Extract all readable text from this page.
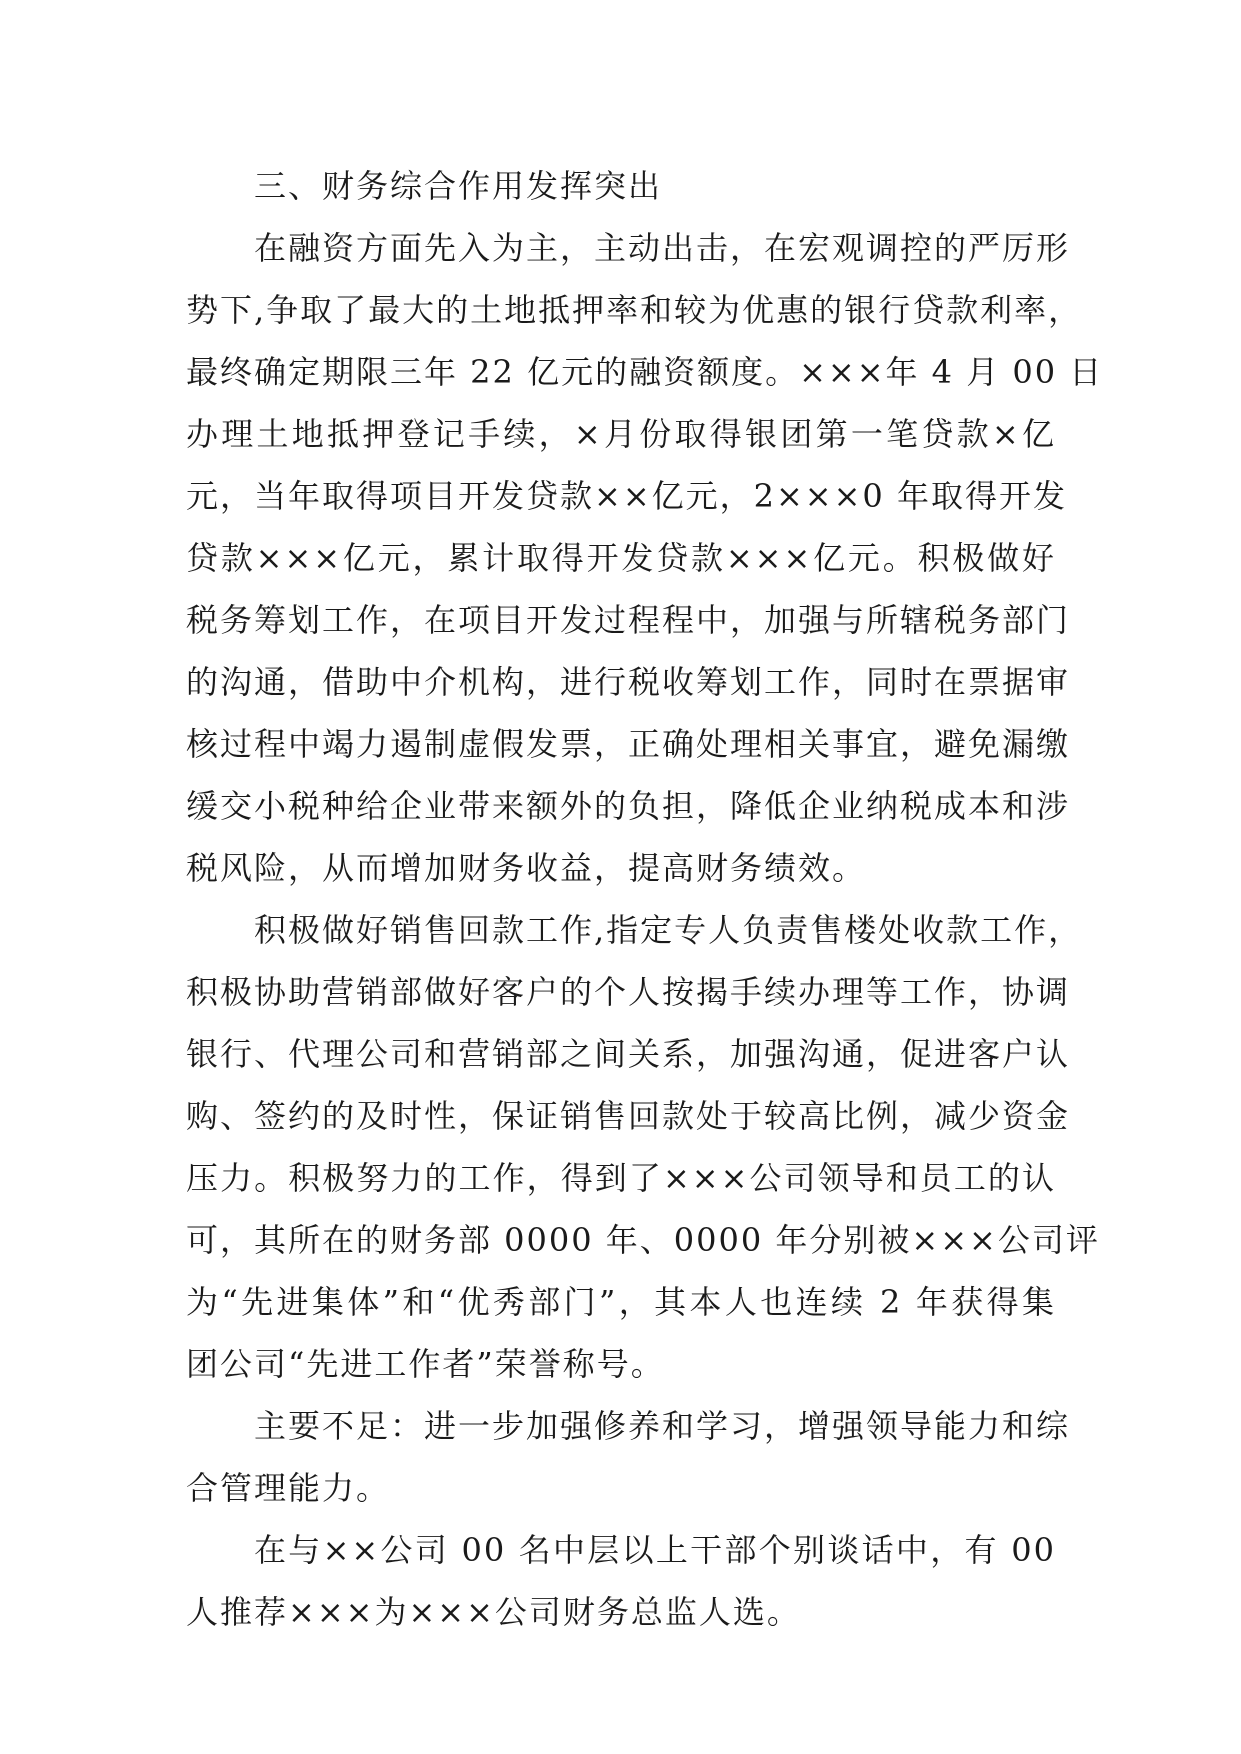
三、财务综合作用发挥突出

在融资方面先入为主，主动出击，在宏观调控的严厉形
势下,争取了最大的土地抵押率和较为优惠的银行贷款利率，
最终确定期限三年 22 亿元的融资额度。×××年 4 月 00 日
办理土地抵押登记手续，×月份取得银团第一笔贷款×亿
元，当年取得项目开发贷款××亿元，2×××0 年取得开发
贷款×××亿元，累计取得开发贷款×××亿元。积极做好
税务筹划工作，在项目开发过程程中，加强与所辖税务部门
的沟通，借助中介机构，进行税收筹划工作，同时在票据审
核过程中竭力遏制虚假发票，正确处理相关事宜，避免漏缴
缓交小税种给企业带来额外的负担，降低企业纳税成本和涉
税风险，从而增加财务收益，提高财务绩效。

积极做好销售回款工作,指定专人负责售楼处收款工作，
积极协助营销部做好客户的个人按揭手续办理等工作，协调
银行、代理公司和营销部之间关系，加强沟通，促进客户认
购、签约的及时性，保证销售回款处于较高比例，减少资金
压力。积极努力的工作，得到了×××公司领导和员工的认
可，其所在的财务部 0000 年、0000 年分别被×××公司评
为“先进集体”和“优秀部门”，其本人也连续 2 年获得集
团公司“先进工作者”荣誉称号。

主要不足：进一步加强修养和学习，增强领导能力和综
合管理能力。

在与××公司 00 名中层以上干部个别谈话中，有 00
人推荐×××为×××公司财务总监人选。
